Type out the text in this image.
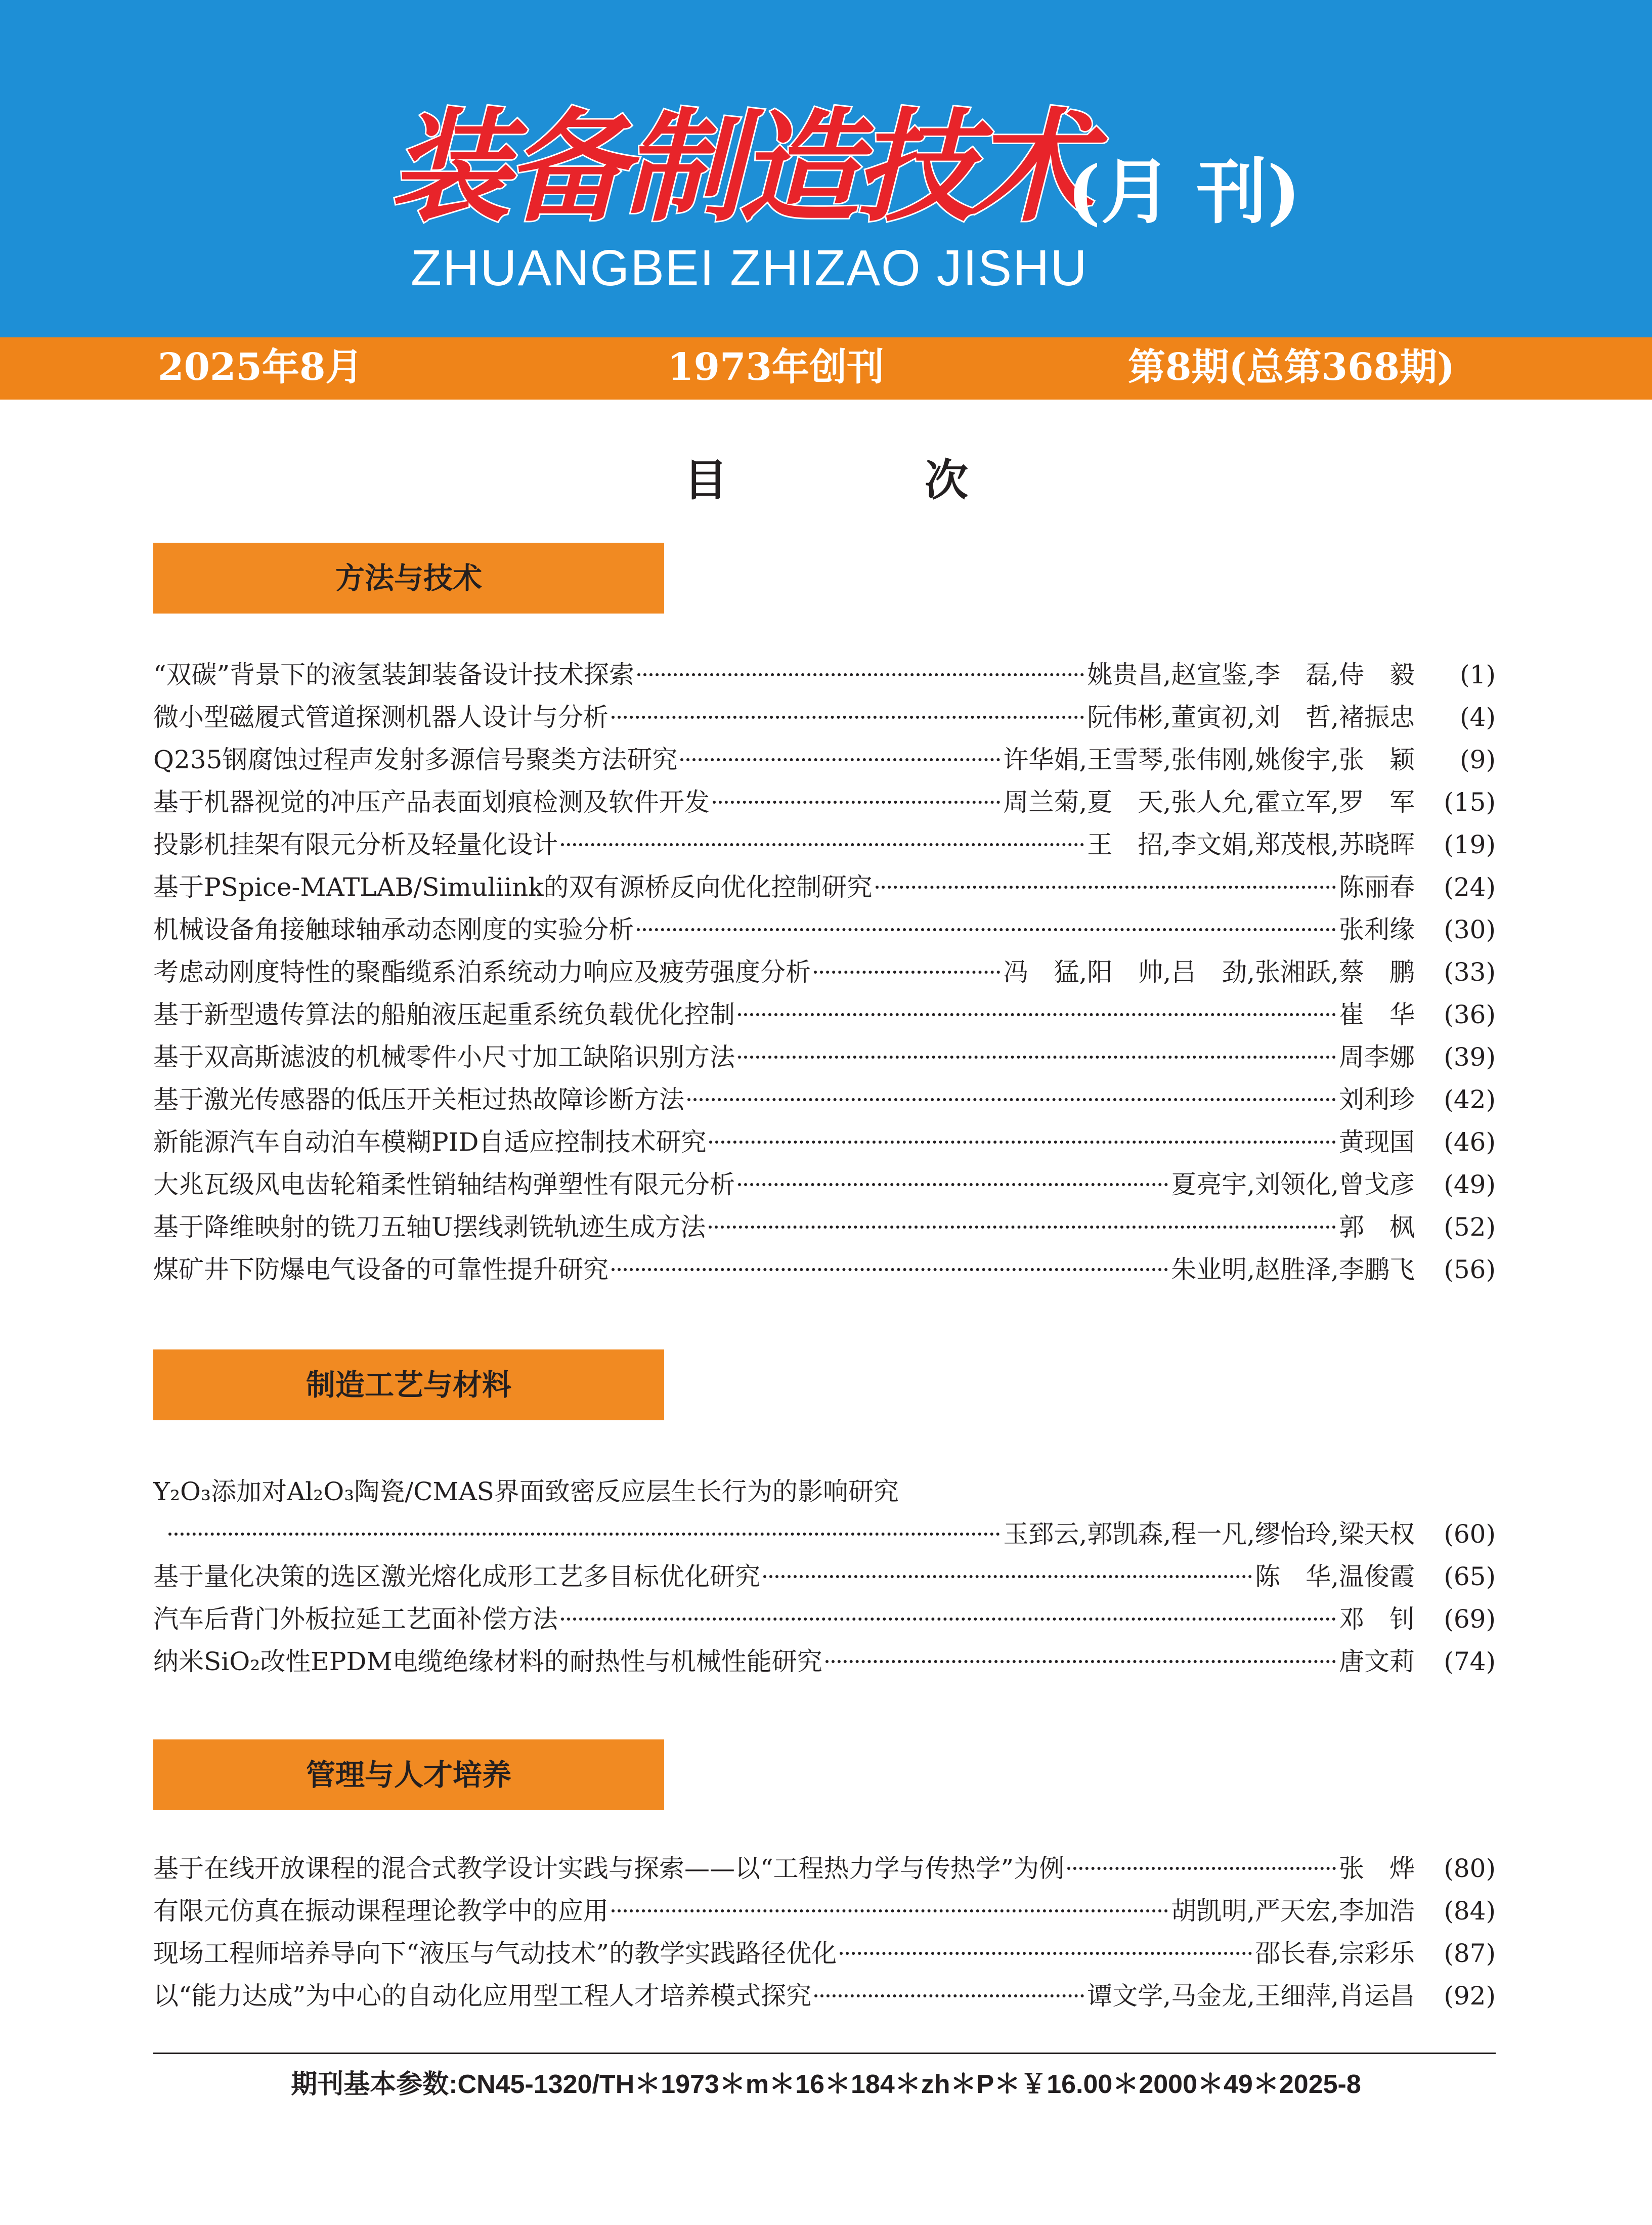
装备制造技术
(月 刊)
ZHUANGBEI ZHIZAO JISHU
2025年8月	1973年创刊	第8期(总第368期)
目 次
方法与技术
“双碳”背景下的液氢装卸装备设计技术探索	姚贵昌,赵宣鉴,李　磊,侍　毅	(1)
微小型磁履式管道探测机器人设计与分析	阮伟彬,董寅初,刘　哲,褚振忠	(4)
Q235钢腐蚀过程声发射多源信号聚类方法研究	许华娟,王雪琴,张伟刚,姚俊宇,张　颖	(9)
基于机器视觉的冲压产品表面划痕检测及软件开发	周兰菊,夏　天,张人允,霍立军,罗　军	(15)
投影机挂架有限元分析及轻量化设计	王　招,李文娟,郑茂根,苏晓晖	(19)
基于PSpice-MATLAB/Simuliink的双有源桥反向优化控制研究	陈丽春	(24)
机械设备角接触球轴承动态刚度的实验分析	张利缘	(30)
考虑动刚度特性的聚酯缆系泊系统动力响应及疲劳强度分析	冯　猛,阳　帅,吕　劲,张湘跃,蔡　鹏	(33)
基于新型遗传算法的船舶液压起重系统负载优化控制	崔　华	(36)
基于双高斯滤波的机械零件小尺寸加工缺陷识别方法	周李娜	(39)
基于激光传感器的低压开关柜过热故障诊断方法	刘利珍	(42)
新能源汽车自动泊车模糊PID自适应控制技术研究	黄现国	(46)
大兆瓦级风电齿轮箱柔性销轴结构弹塑性有限元分析	夏亮宇,刘领化,曾戈彦	(49)
基于降维映射的铣刀五轴U摆线剥铣轨迹生成方法	郭　枫	(52)
煤矿井下防爆电气设备的可靠性提升研究	朱业明,赵胜泽,李鹏飞	(56)
制造工艺与材料
Y₂O₃添加对Al₂O₃陶瓷/CMAS界面致密反应层生长行为的影响研究
玉郅云,郭凯森,程一凡,缪怡玲,梁天权	(60)
基于量化决策的选区激光熔化成形工艺多目标优化研究	陈　华,温俊霞	(65)
汽车后背门外板拉延工艺面补偿方法	邓　钊	(69)
纳米SiO₂改性EPDM电缆绝缘材料的耐热性与机械性能研究	唐文莉	(74)
管理与人才培养
基于在线开放课程的混合式教学设计实践与探索——以“工程热力学与传热学”为例	张　烨	(80)
有限元仿真在振动课程理论教学中的应用	胡凯明,严天宏,李加浩	(84)
现场工程师培养导向下“液压与气动技术”的教学实践路径优化	邵长春,宗彩乐	(87)
以“能力达成”为中心的自动化应用型工程人才培养模式探究	谭文学,马金龙,王细萍,肖运昌	(92)
期刊基本参数:CN45-1320/TH＊1973＊m＊16＊184＊zh＊P＊￥16.00＊2000＊49＊2025-8
